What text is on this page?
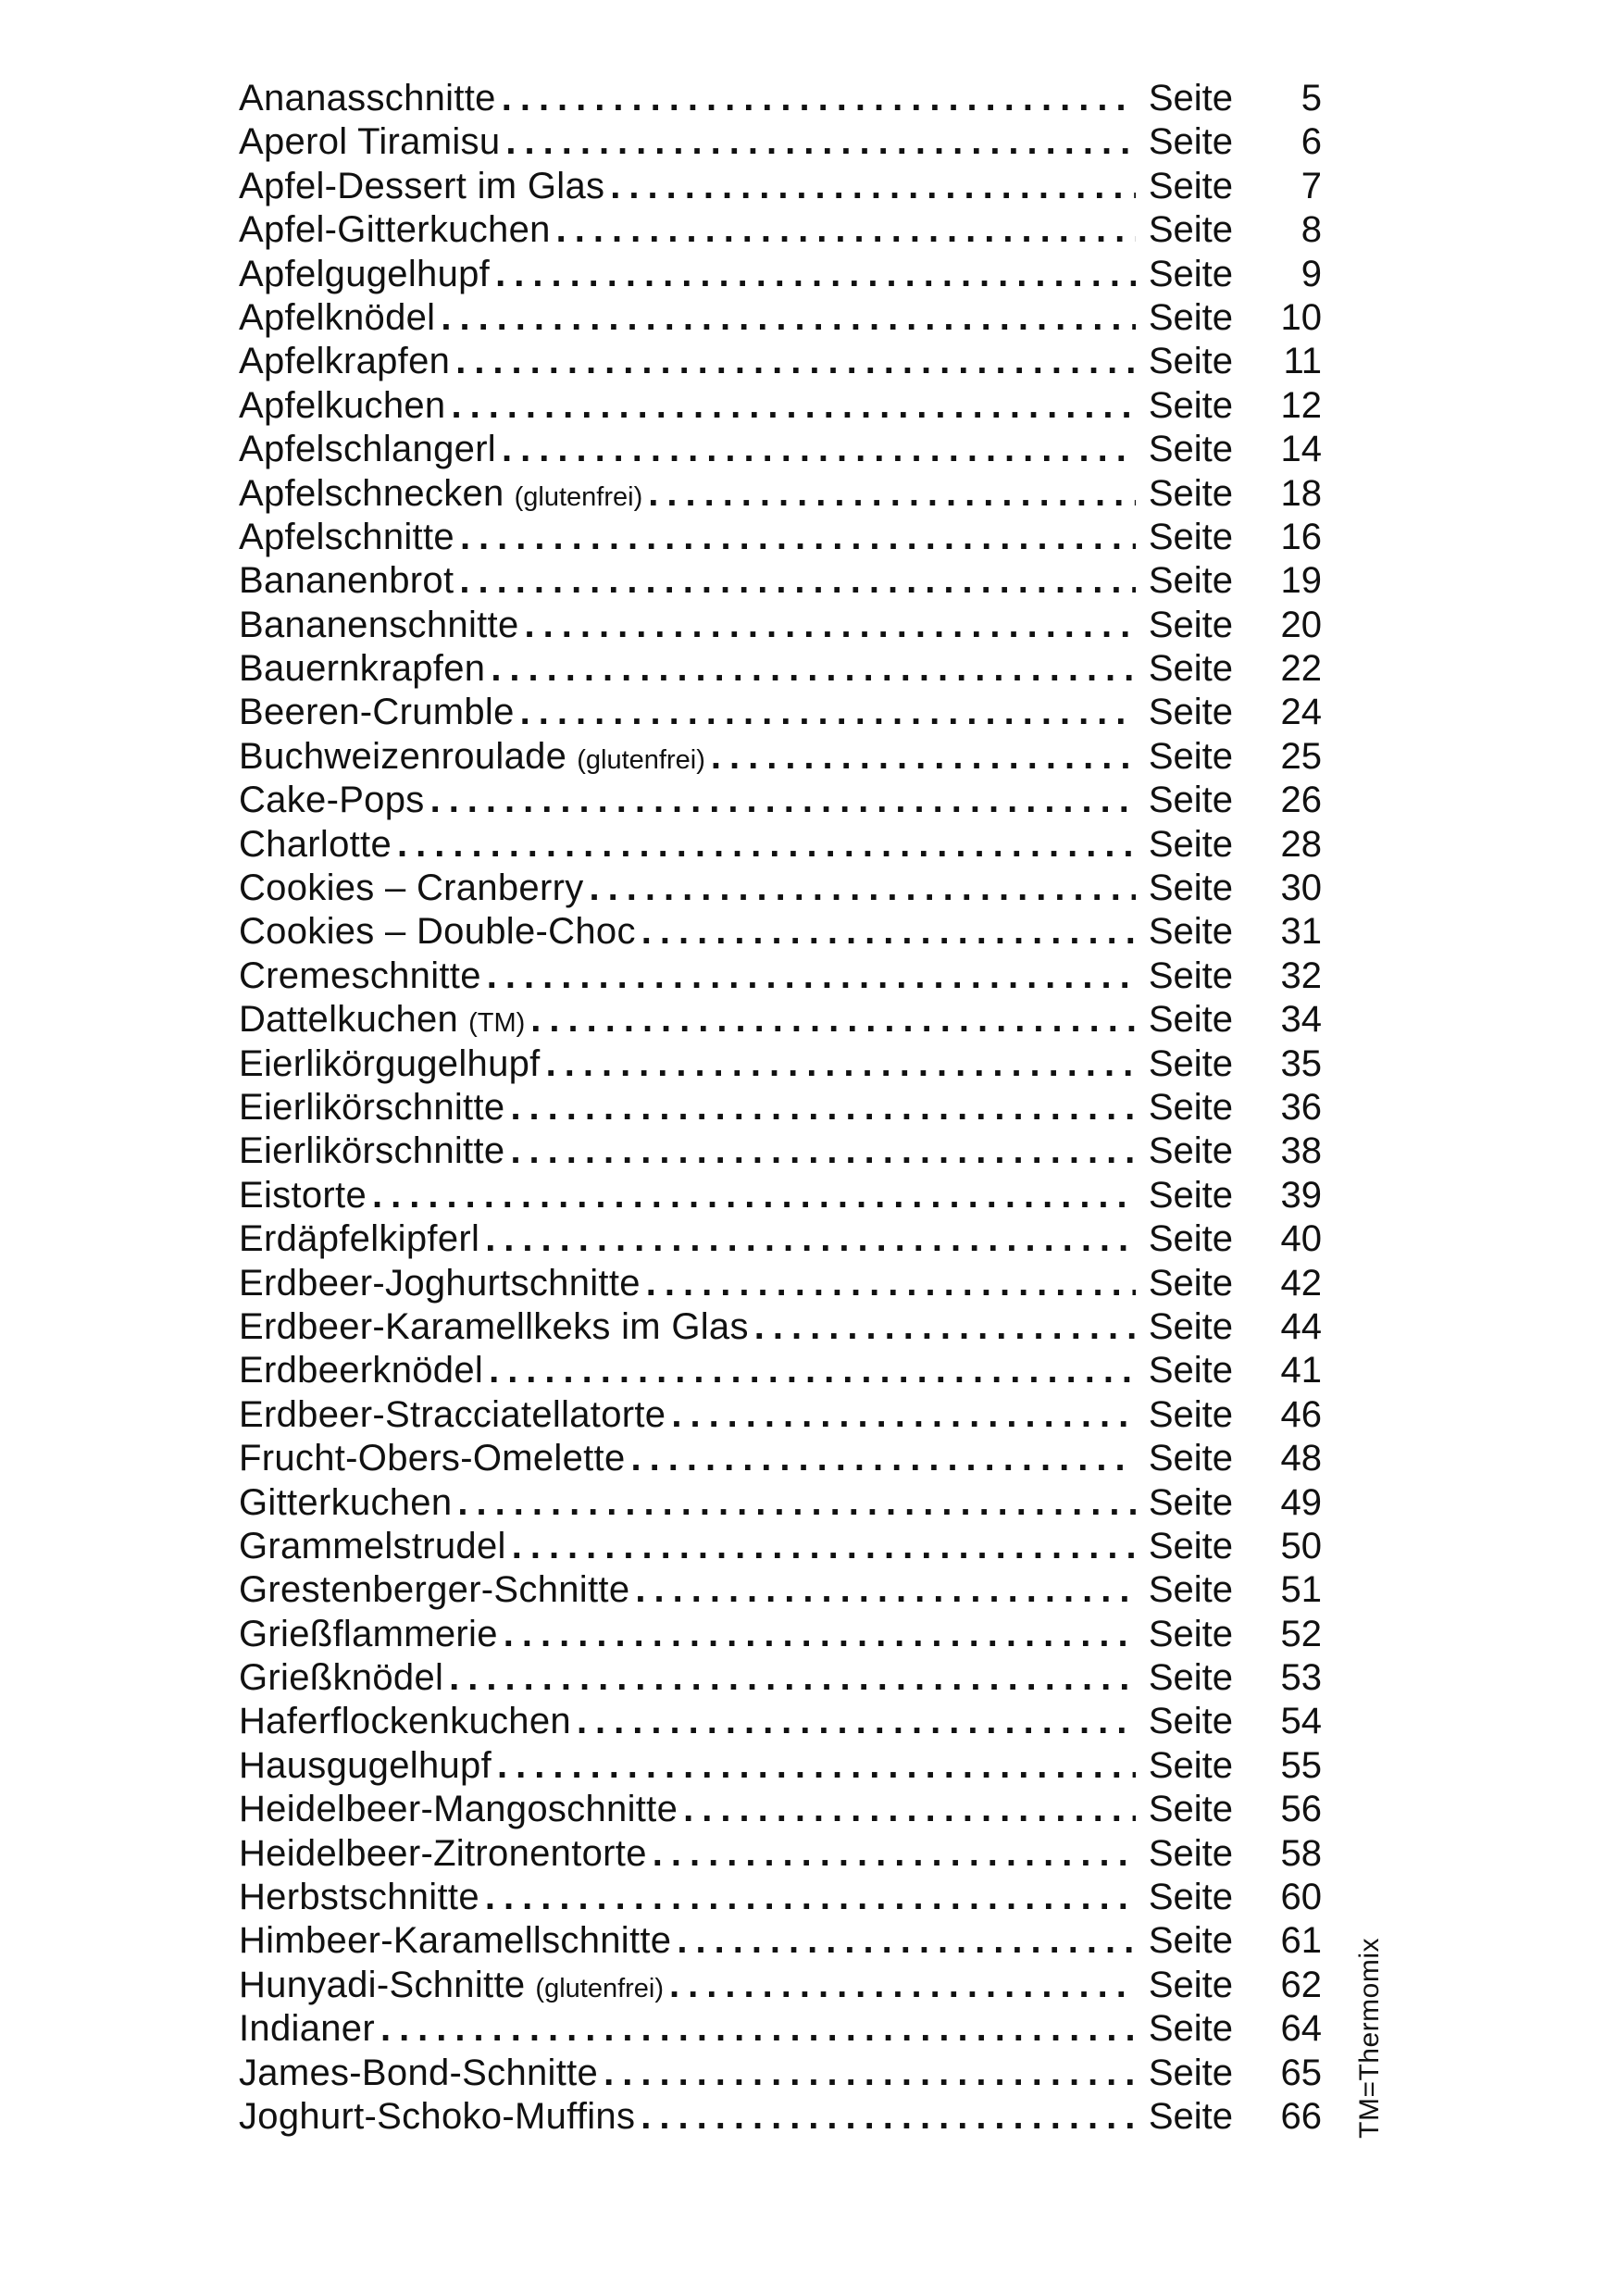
Ananasschnitte .....	Seite	5
Aperol Tiramisu .....	Seite	6
Apfel-Dessert im Glas .....	Seite	7
Apfel-Gitterkuchen .....	Seite	8
Apfelgugelhupf .....	Seite	9
Apfelknödel .....	Seite	10
Apfelkrapfen .....	Seite	11
Apfelkuchen .....	Seite	12
Apfelschlangerl .....	Seite	14
Apfelschnecken (glutenfrei) .....	Seite	18
Apfelschnitte .....	Seite	16
Bananenbrot .....	Seite	19
Bananenschnitte .....	Seite	20
Bauernkrapfen .....	Seite	22
Beeren-Crumble .....	Seite	24
Buchweizenroulade (glutenfrei) .....	Seite	25
Cake-Pops .....	Seite	26
Charlotte .....	Seite	28
Cookies – Cranberry .....	Seite	30
Cookies – Double-Choc .....	Seite	31
Cremeschnitte .....	Seite	32
Dattelkuchen (TM) .....	Seite	34
Eierlikörgugelhupf .....	Seite	35
Eierlikörschnitte .....	Seite	36
Eierlikörschnitte .....	Seite	38
Eistorte .....	Seite	39
Erdäpfelkipferl .....	Seite	40
Erdbeer-Joghurtschnitte .....	Seite	42
Erdbeer-Karamellkeks im Glas .....	Seite	44
Erdbeerknödel .....	Seite	41
Erdbeer-Stracciatellatorte .....	Seite	46
Frucht-Obers-Omelette .....	Seite	48
Gitterkuchen .....	Seite	49
Grammelstrudel .....	Seite	50
Grestenberger-Schnitte .....	Seite	51
Grießflammerie .....	Seite	52
Grießknödel .....	Seite	53
Haferflockenkuchen .....	Seite	54
Hausgugelhupf .....	Seite	55
Heidelbeer-Mangoschnitte .....	Seite	56
Heidelbeer-Zitronentorte .....	Seite	58
Herbstschnitte .....	Seite	60
Himbeer-Karamellschnitte .....	Seite	61
Hunyadi-Schnitte (glutenfrei) .....	Seite	62
Indianer .....	Seite	64
James-Bond-Schnitte .....	Seite	65
Joghurt-Schoko-Muffins .....	Seite	66 TM=Thermomix
